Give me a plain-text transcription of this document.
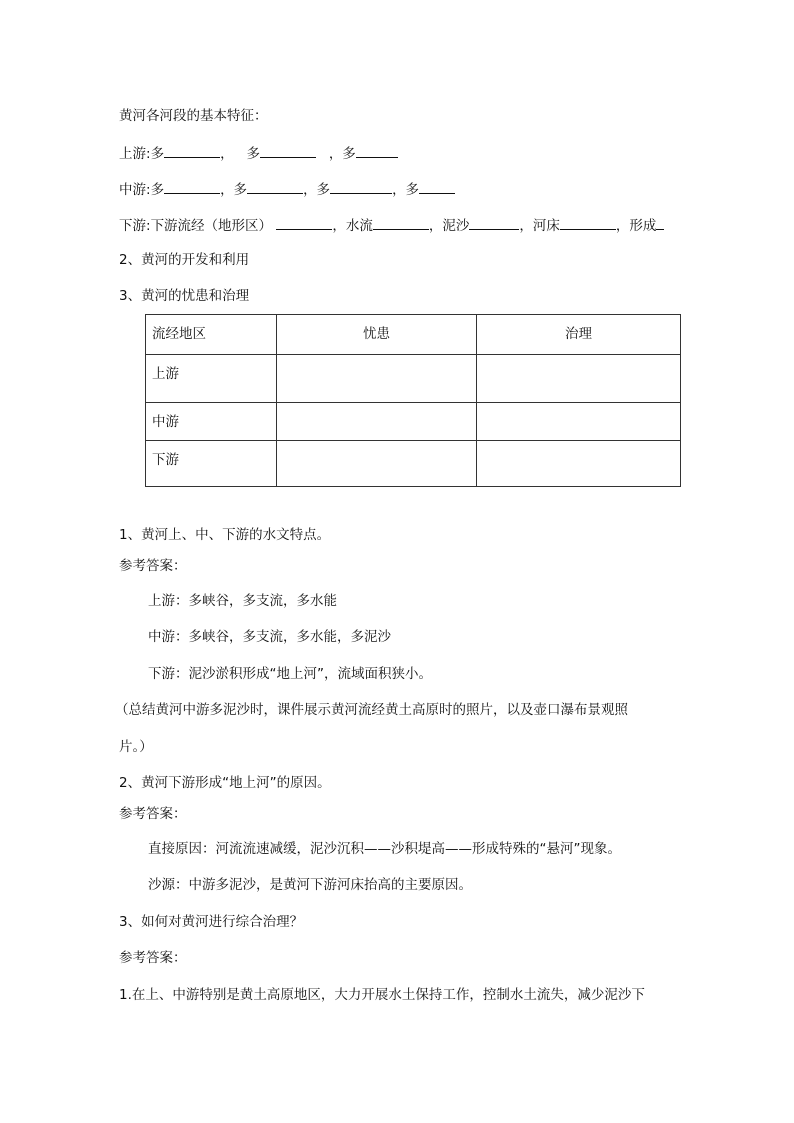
黄河各河段的基本特征：
上游:多	， 多	，多
中游:多	，多	，多	，多
下游:下游流经（地形区）	，水流	，泥沙	，河床	，形成
2、黄河的开发和利用
3、黄河的忧患和治理
流经地区	忧患	治理
上游		
中游		
下游		
1、黄河上、中、下游的水文特点。
参考答案：
上游：多峡谷，多支流，多水能
中游：多峡谷，多支流，多水能，多泥沙
下游：泥沙淤积形成“地上河”，流域面积狭小。
（总结黄河中游多泥沙时，课件展示黄河流经黄土高原时的照片，以及壶口瀑布景观照
片。）
2、黄河下游形成“地上河”的原因。
参考答案：
直接原因：河流流速减缓，泥沙沉积——沙积堤高——形成特殊的“悬河”现象。
沙源：中游多泥沙，是黄河下游河床抬高的主要原因。
3、如何对黄河进行综合治理？
参考答案：
1.在上、中游特别是黄土高原地区，大力开展水土保持工作，控制水土流失，减少泥沙下
